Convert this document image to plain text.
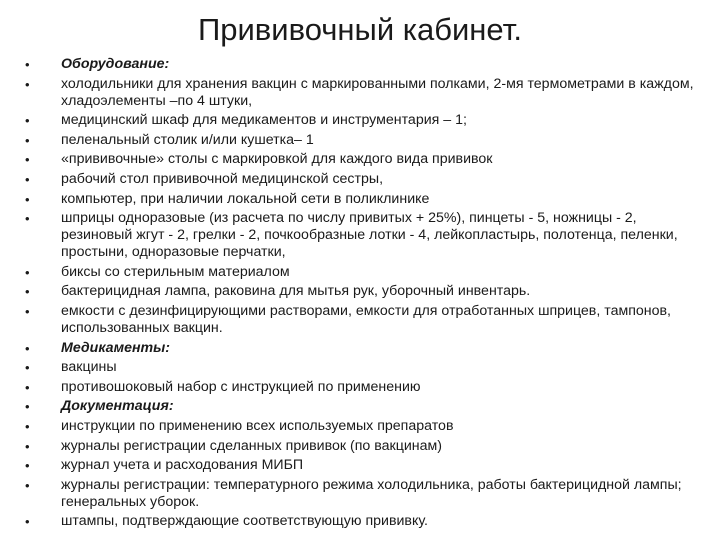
Прививочный кабинет.
•	Оборудование:
•	холодильники для хранения вакцин с маркированными полками, 2-мя термометрами в каждом, хладоэлементы –по 4 штуки,
•	медицинский шкаф для медикаментов и инструментария – 1;
•	пеленальный столик и/или кушетка– 1
•	«прививочные» столы с маркировкой для каждого вида прививок
•	рабочий стол прививочной медицинской сестры,
•	компьютер, при наличии локальной сети в поликлинике
•	шприцы одноразовые (из расчета по числу привитых + 25%), пинцеты - 5, ножницы - 2, резиновый жгут - 2, грелки - 2, почкообразные лотки - 4, лейкопластырь, полотенца, пеленки, простыни, одноразовые перчатки,
•	биксы со стерильным материалом
•	бактерицидная лампа, раковина для мытья рук, уборочный инвентарь.
•	емкости с дезинфицирующими растворами, емкости для отработанных шприцев, тампонов, использованных вакцин.
•	Медикаменты:
•	вакцины
•	противошоковый набор с инструкцией по применению
•	Документация:
•	инструкции по применению всех используемых препаратов
•	журналы регистрации сделанных прививок (по вакцинам)
•	журнал учета и расходования МИБП
•	журналы регистрации: температурного режима холодильника, работы бактерицидной лампы; генеральных уборок.
•	штампы, подтверждающие соответствующую прививку.
